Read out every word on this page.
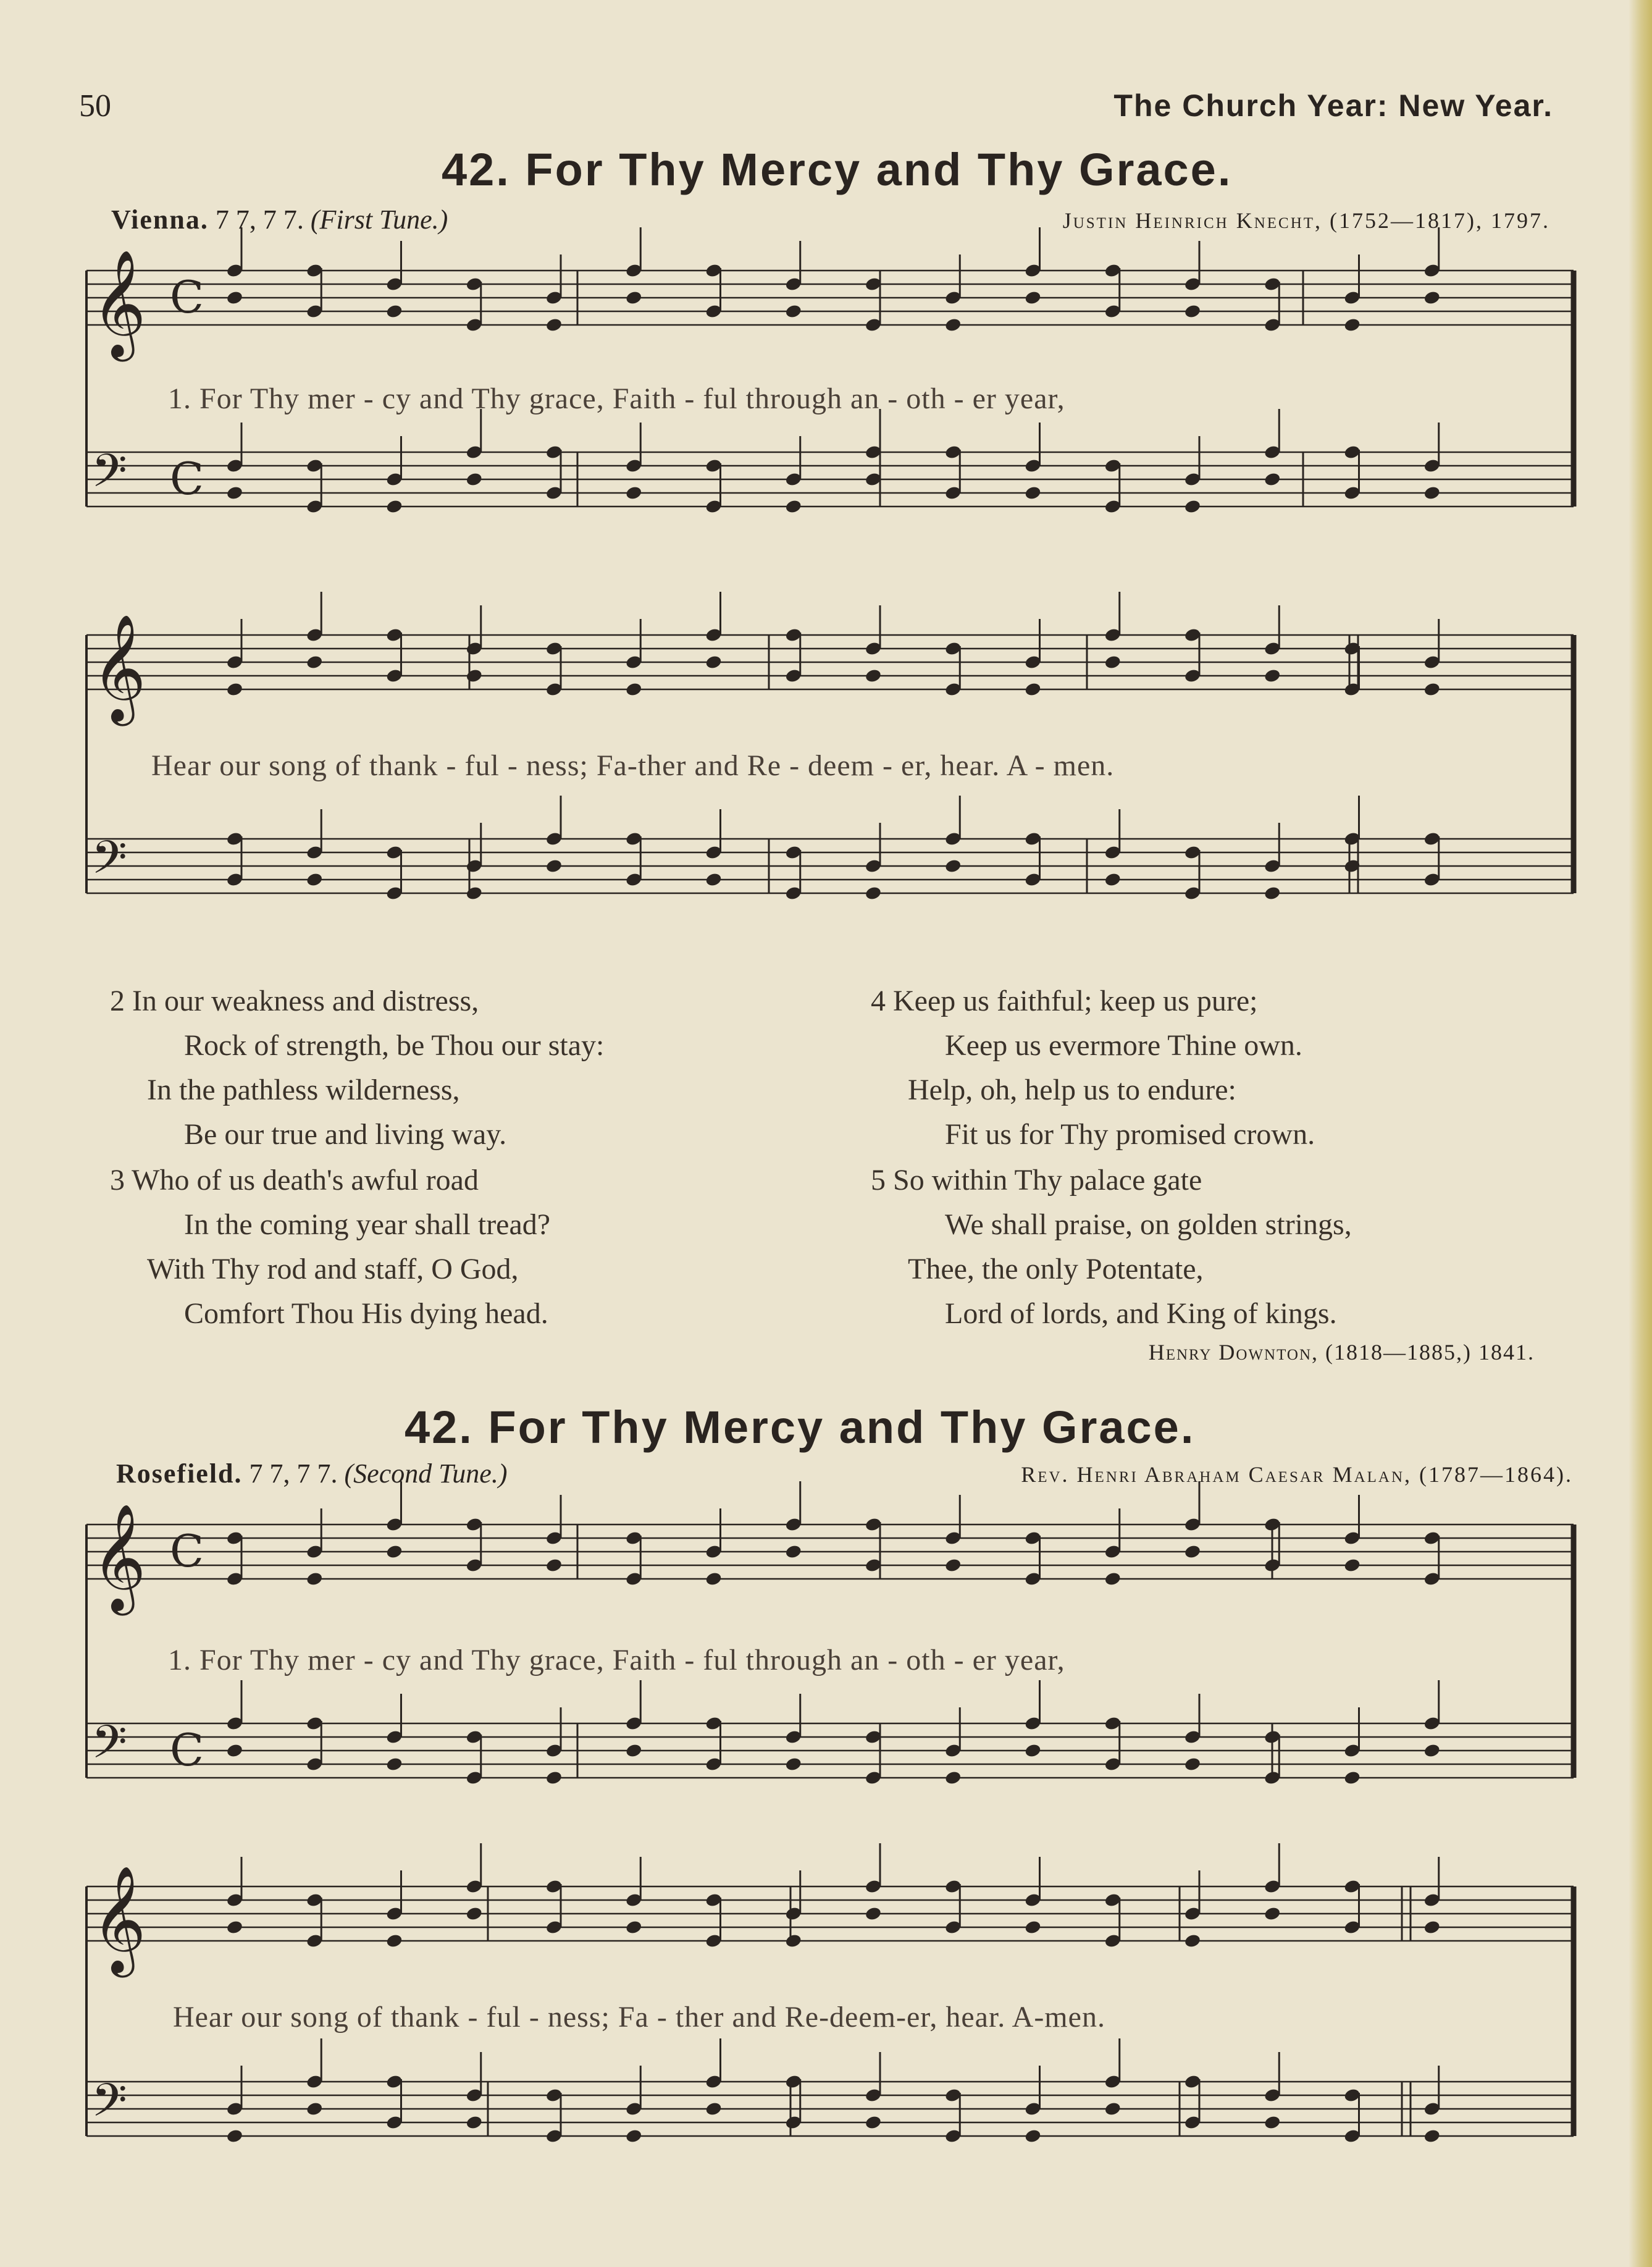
50	The Church Year: New Year.
42. For Thy Mercy and Thy Grace.
Vienna. 7 7, 7 7. (First Tune.)	Justin Heinrich Knecht, (1752—1817), 1797.
1. For Thy mer - cy and Thy grace, Faith - ful through an - oth - er year,
Hear our song of thank - ful - ness; Fa-ther and Re - deem - er, hear. A - men.
2 In our weakness and distress,
Rock of strength, be Thou our stay:
In the pathless wilderness,
Be our true and living way.
3 Who of us death's awful road
In the coming year shall tread?
With Thy rod and staff, O God,
Comfort Thou His dying head.
4 Keep us faithful; keep us pure;
Keep us evermore Thine own.
Help, oh, help us to endure:
Fit us for Thy promised crown.
5 So within Thy palace gate
We shall praise, on golden strings,
Thee, the only Potentate,
Lord of lords, and King of kings.
Henry Downton, (1818—1885,) 1841.
42. For Thy Mercy and Thy Grace.
Rosefield. 7 7, 7 7. (Second Tune.)	Rev. Henri Abraham Caesar Malan, (1787—1864).
1. For Thy mer - cy and Thy grace, Faith - ful through an - oth - er year,
Hear our song of thank - ful - ness; Fa - ther and Re-deem-er, hear. A-men.
𝄞 C
𝄢 C
𝄞
𝄢
𝄞 C
𝄢 C
𝄞
𝄢
